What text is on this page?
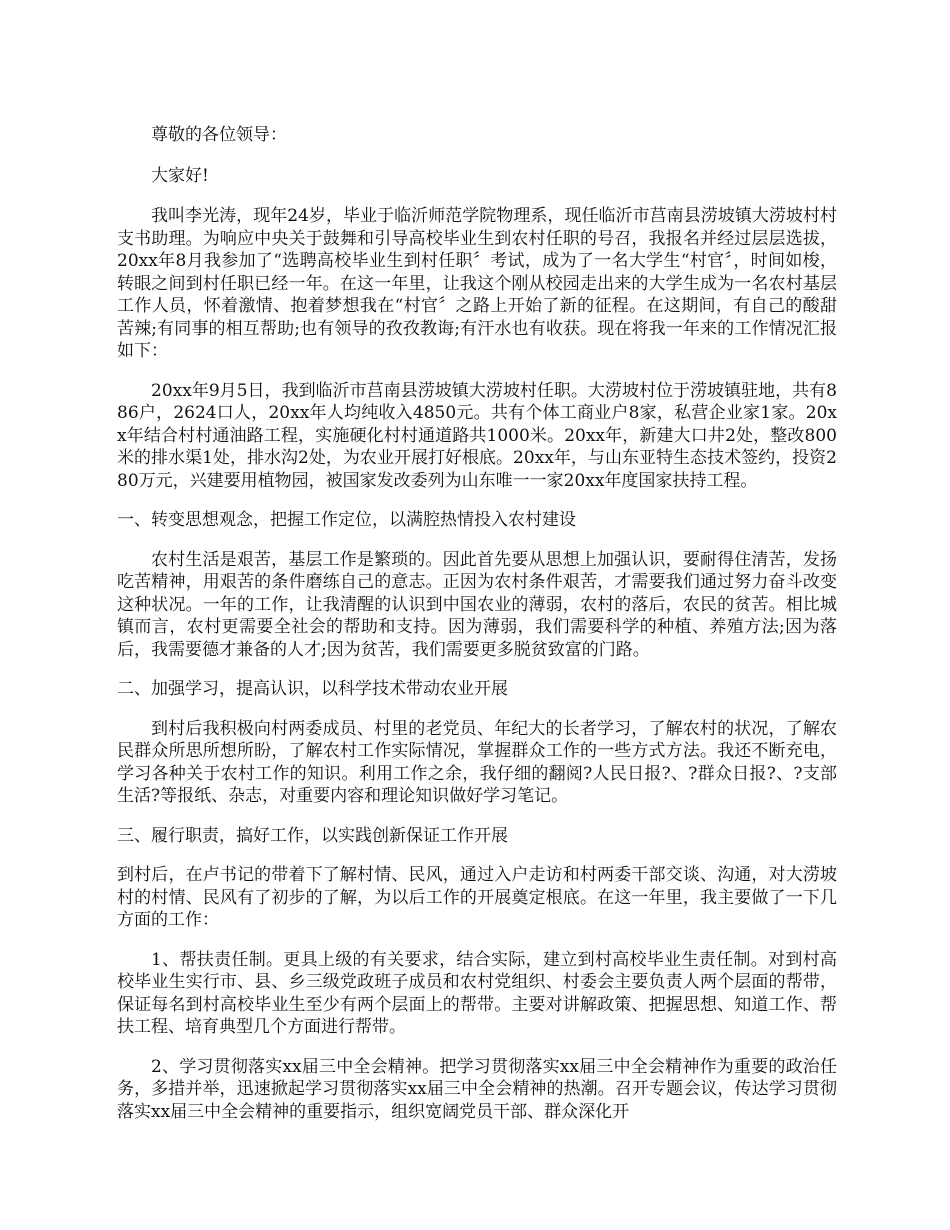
尊敬的各位领导：

大家好!

我叫李光涛，现年24岁，毕业于临沂师范学院物理系，现任临沂市莒南县涝坡镇大涝坡村村支书助理。为响应中央关于鼓舞和引导高校毕业生到农村任职的号召，我报名并经过层层选拔，20xx年8月我参加了“选聘高校毕业生到村任职〞考试，成为了一名大学生“村官〞，时间如梭，转眼之间到村任职已经一年。在这一年里，让我这个刚从校园走出来的大学生成为一名农村基层工作人员，怀着激情、抱着梦想我在“村官〞之路上开始了新的征程。在这期间，有自己的酸甜苦辣;有同事的相互帮助;也有领导的孜孜教诲;有汗水也有收获。现在将我一年来的工作情况汇报如下：

20xx年9月5日，我到临沂市莒南县涝坡镇大涝坡村任职。大涝坡村位于涝坡镇驻地，共有886户，2624口人，20xx年人均纯收入4850元。共有个体工商业户8家，私营企业家1家。20xx年结合村村通油路工程，实施硬化村村通道路共1000米。20xx年，新建大口井2处，整改800米的排水渠1处，排水沟2处，为农业开展打好根底。20xx年，与山东亚特生态技术签约，投资280万元，兴建要用植物园，被国家发改委列为山东唯一一家20xx年度国家扶持工程。

一、转变思想观念，把握工作定位，以满腔热情投入农村建设

农村生活是艰苦，基层工作是繁琐的。因此首先要从思想上加强认识，要耐得住清苦，发扬吃苦精神，用艰苦的条件磨练自己的意志。正因为农村条件艰苦，才需要我们通过努力奋斗改变这种状况。一年的工作，让我清醒的认识到中国农业的薄弱，农村的落后，农民的贫苦。相比城镇而言，农村更需要全社会的帮助和支持。因为薄弱，我们需要科学的种植、养殖方法;因为落后，我需要德才兼备的人才;因为贫苦，我们需要更多脱贫致富的门路。

二、加强学习，提高认识，以科学技术带动农业开展

到村后我积极向村两委成员、村里的老党员、年纪大的长者学习，了解农村的状况，了解农民群众所思所想所盼，了解农村工作实际情况，掌握群众工作的一些方式方法。我还不断充电，学习各种关于农村工作的知识。利用工作之余，我仔细的翻阅?人民日报?、?群众日报?、?支部生活?等报纸、杂志，对重要内容和理论知识做好学习笔记。

三、履行职责，搞好工作，以实践创新保证工作开展

到村后，在卢书记的带着下了解村情、民风，通过入户走访和村两委干部交谈、沟通，对大涝坡村的村情、民风有了初步的了解，为以后工作的开展奠定根底。在这一年里，我主要做了一下几方面的工作：

1、帮扶责任制。更具上级的有关要求，结合实际，建立到村高校毕业生责任制。对到村高校毕业生实行市、县、乡三级党政班子成员和农村党组织、村委会主要负责人两个层面的帮带，保证每名到村高校毕业生至少有两个层面上的帮带。主要对讲解政策、把握思想、知道工作、帮扶工程、培育典型几个方面进行帮带。

2、学习贯彻落实xx届三中全会精神。把学习贯彻落实xx届三中全会精神作为重要的政治任务，多措并举，迅速掀起学习贯彻落实xx届三中全会精神的热潮。召开专题会议，传达学习贯彻落实xx届三中全会精神的重要指示，组织宽阔党员干部、群众深化开
